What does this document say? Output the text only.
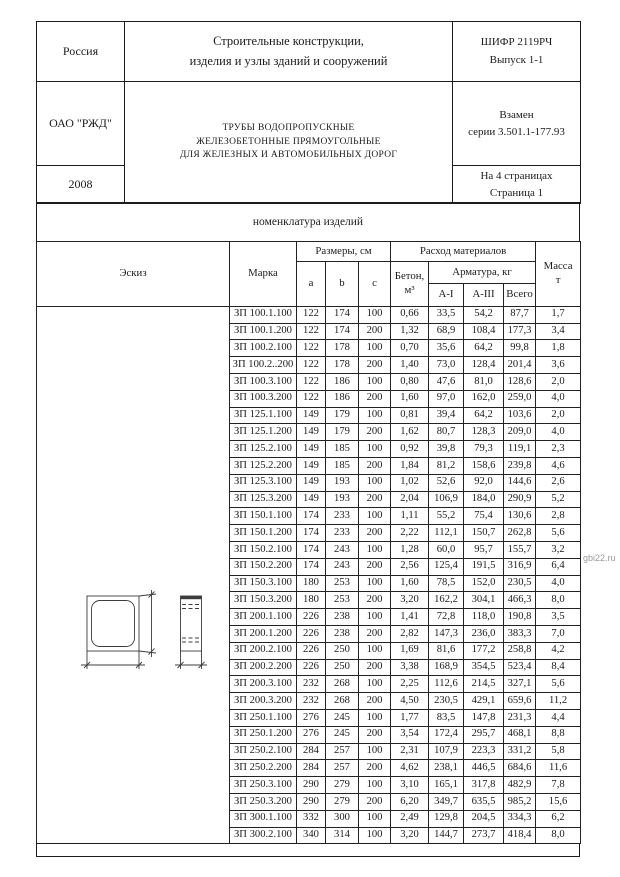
Россия	
Строительные конструкции,
изделия и узлы зданий и сооружений

ШИФР 2119РЧ
Выпуск 1-1

ОАО "РЖД"	ТРУБЫ ВОДОПРОПУСКНЫЕ
ЖЕЛЕЗОБЕТОННЫЕ ПРЯМОУГОЛЬНЫЕ
ДЛЯ ЖЕЛЕЗНЫХ И АВТОМОБИЛЬНЫХ ДОРОГ

Взамен
серии 3.501.1-177.93

2008		На 4 страницах
Страница 1
номенклатура изделий
Эскиз	Марка	Размеры, см			Расход материалов				Масса
т

		a	b	c	Бетон,
м³	Арматура, кг			
						А-I	А-III	Всего	

	ЗП 100.1.100	122	174	100	0,66	33,5	54,2	87,7	1,7
	ЗП 100.1.200	122	174	200	1,32	68,9	108,4	177,3	3,4
	ЗП 100.2.100	122	178	100	0,70	35,6	64,2	99,8	1,8
	ЗП 100.2..200	122	178	200	1,40	73,0	128,4	201,4	3,6
	ЗП 100.3.100	122	186	100	0,80	47,6	81,0	128,6	2,0
	ЗП 100.3.200	122	186	200	1,60	97,0	162,0	259,0	4,0
	ЗП 125.1.100	149	179	100	0,81	39,4	64,2	103,6	2,0
	ЗП 125.1.200	149	179	200	1,62	80,7	128,3	209,0	4,0
	ЗП 125.2.100	149	185	100	0,92	39,8	79,3	119,1	2,3
	ЗП 125.2.200	149	185	200	1,84	81,2	158,6	239,8	4,6
	ЗП 125.3.100	149	193	100	1,02	52,6	92,0	144,6	2,6
	ЗП 125.3.200	149	193	200	2,04	106,9	184,0	290,9	5,2
	ЗП 150.1.100	174	233	100	1,11	55,2	75,4	130,6	2,8
	ЗП 150.1.200	174	233	200	2,22	112,1	150,7	262,8	5,6
	ЗП 150.2.100	174	243	100	1,28	60,0	95,7	155,7	3,2
	ЗП 150.2.200	174	243	200	2,56	125,4	191,5	316,9	6,4
	ЗП 150.3.100	180	253	100	1,60	78,5	152,0	230,5	4,0
	ЗП 150.3.200	180	253	200	3,20	162,2	304,1	466,3	8,0
	ЗП 200.1.100	226	238	100	1,41	72,8	118,0	190,8	3,5
	ЗП 200.1.200	226	238	200	2,82	147,3	236,0	383,3	7,0
	ЗП 200.2.100	226	250	100	1,69	81,6	177,2	258,8	4,2
	ЗП 200.2.200	226	250	200	3,38	168,9	354,5	523,4	8,4
	ЗП 200.3.100	232	268	100	2,25	112,6	214,5	327,1	5,6
	ЗП 200.3.200	232	268	200	4,50	230,5	429,1	659,6	11,2
	ЗП 250.1.100	276	245	100	1,77	83,5	147,8	231,3	4,4
	ЗП 250.1.200	276	245	200	3,54	172,4	295,7	468,1	8,8
	ЗП 250.2.100	284	257	100	2,31	107,9	223,3	331,2	5,8
	ЗП 250.2.200	284	257	200	4,62	238,1	446,5	684,6	11,6
	ЗП 250.3.100	290	279	100	3,10	165,1	317,8	482,9	7,8
	ЗП 250.3.200	290	279	200	6,20	349,7	635,5	985,2	15,6
	ЗП 300.1.100	332	300	100	2,49	129,8	204,5	334,3	6,2
	ЗП 300.2.100	340	314	100	3,20	144,7	273,7	418,4	8,0
gbi22.ru
